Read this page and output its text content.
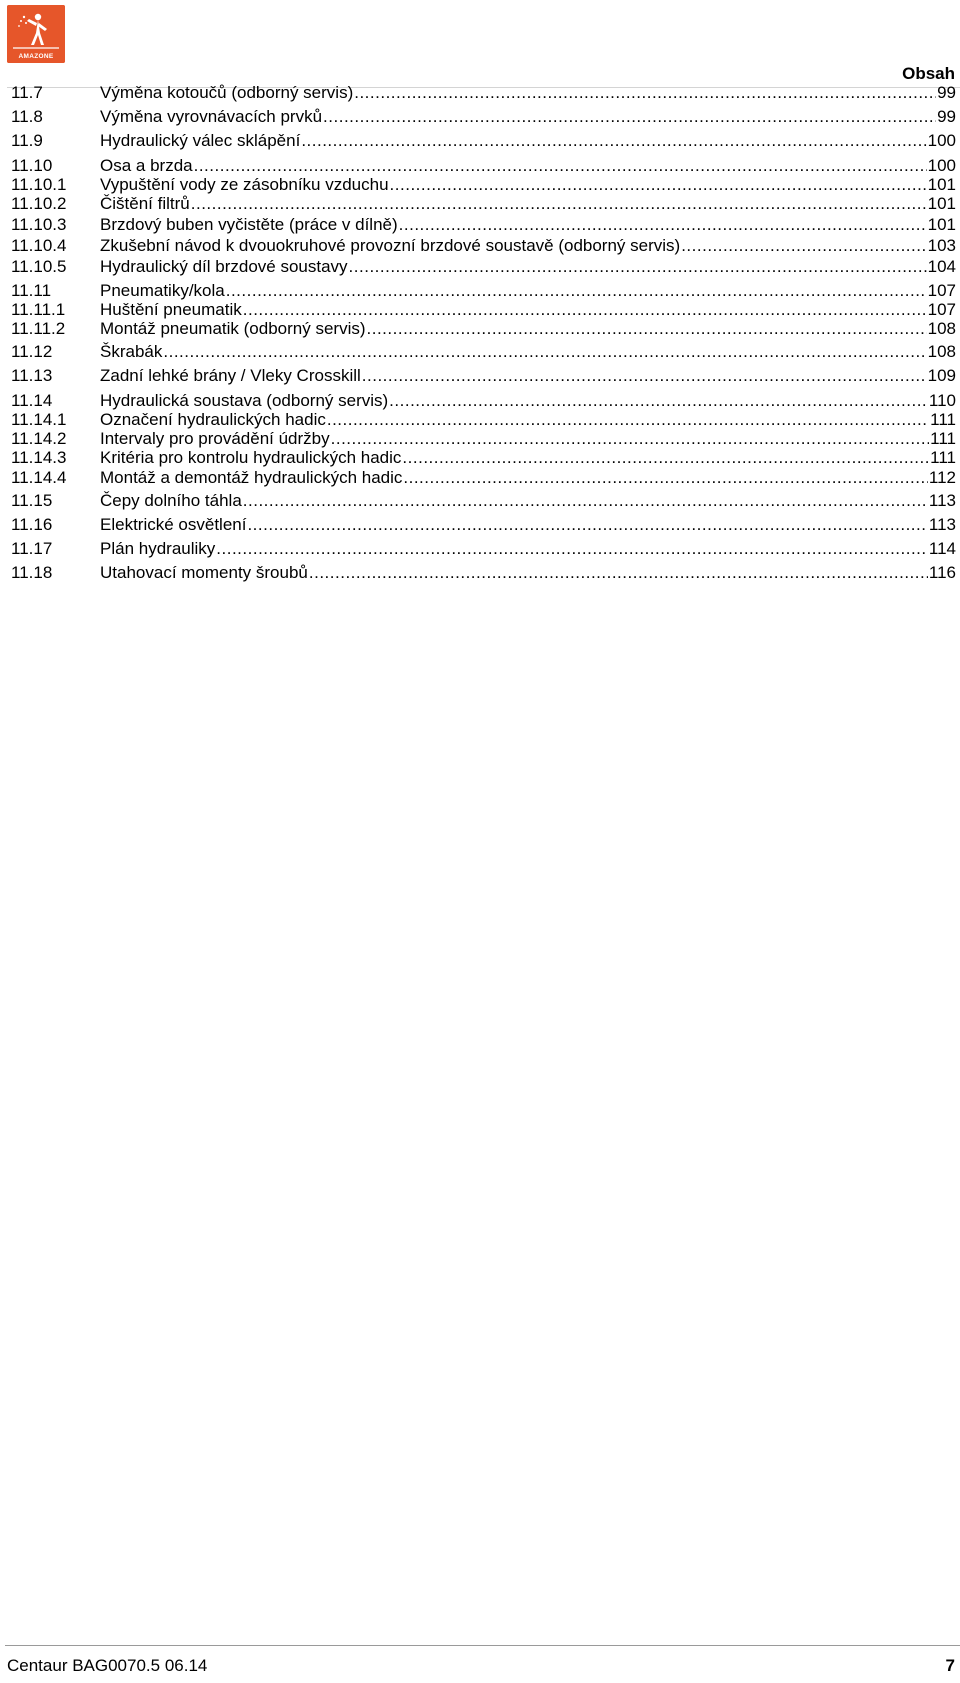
AMAZONE
Obsah
11.7	Výměna kotoučů (odborný servis) .....	99
11.8	Výměna vyrovnávacích prvků .....	99
11.9	Hydraulický válec sklápění .....	100
11.10	Osa a brzda .....	100
11.10.1	Vypuštění vody ze zásobníku vzduchu .....	101
11.10.2	Čištění filtrů .....	101
11.10.3	Brzdový buben vyčistěte (práce v dílně) .....	101
11.10.4	Zkušební návod k dvouokruhové provozní brzdové soustavě (odborný servis) .....	103
11.10.5	Hydraulický díl brzdové soustavy .....	104
11.11	Pneumatiky/kola .....	107
11.11.1	Huštění pneumatik .....	107
11.11.2	Montáž pneumatik (odborný servis) .....	108
11.12	Škrabák .....	108
11.13	Zadní lehké brány / Vleky Crosskill .....	109
11.14	Hydraulická soustava (odborný servis) .....	110
11.14.1	Označení hydraulických hadic .....	111
11.14.2	Intervaly pro provádění údržby .....	111
11.14.3	Kritéria pro kontrolu hydraulických hadic .....	111
11.14.4	Montáž a demontáž hydraulických hadic .....	112
11.15	Čepy dolního táhla .....	113
11.16	Elektrické osvětlení .....	113
11.17	Plán hydrauliky .....	114
11.18	Utahovací momenty šroubů .....	116
Centaur BAG0070.5 06.14	7
